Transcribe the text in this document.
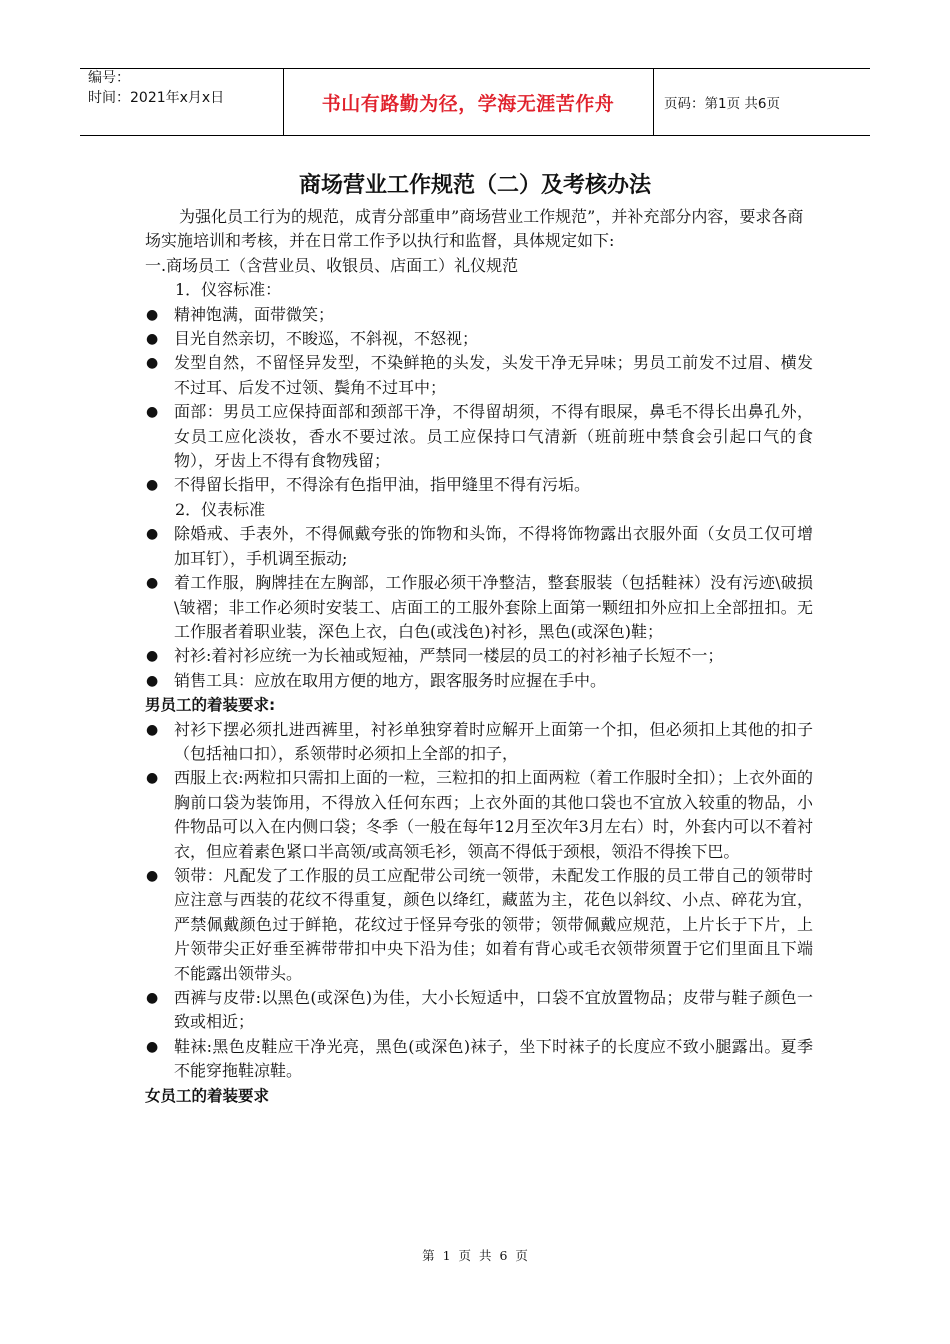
编号：
时间：2021年x月x日	书山有路勤为径，学海无涯苦作舟	页码：第1页 共6页
商场营业工作规范（二）及考核办法

为强化员工行为的规范，成青分部重申”商场营业工作规范”，并补充部分内容，要求各商场实施培训和考核，并在日常工作予以执行和监督，具体规定如下:

一.商场员工（含营业员、收银员、店面工）礼仪规范

1．仪容标准：

● 精神饱满，面带微笑；
● 目光自然亲切，不睃巡，不斜视，不怒视；
● 发型自然，不留怪异发型，不染鲜艳的头发，头发干净无异味；男员工前发不过眉、横发不过耳、后发不过领、鬓角不过耳中；
● 面部：男员工应保持面部和颈部干净，不得留胡须，不得有眼屎，鼻毛不得长出鼻孔外，女员工应化淡妆，香水不要过浓。员工应保持口气清新（班前班中禁食会引起口气的食物），牙齿上不得有食物残留；
● 不得留长指甲，不得涂有色指甲油，指甲缝里不得有污垢。

2．仪表标准

● 除婚戒、手表外，不得佩戴夸张的饰物和头饰，不得将饰物露出衣服外面（女员工仅可增加耳钉），手机调至振动;
● 着工作服，胸牌挂在左胸部，工作服必须干净整洁，整套服装（包括鞋袜）没有污迹\破损\皱褶；非工作必须时安装工、店面工的工服外套除上面第一颗纽扣外应扣上全部扭扣。无工作服者着职业装，深色上衣，白色(或浅色)衬衫，黑色(或深色)鞋；
● 衬衫:着衬衫应统一为长袖或短袖，严禁同一楼层的员工的衬衫袖子长短不一；
● 销售工具：应放在取用方便的地方，跟客服务时应握在手中。

男员工的着装要求:

● 衬衫下摆必须扎进西裤里，衬衫单独穿着时应解开上面第一个扣，但必须扣上其他的扣子（包括袖口扣），系领带时必须扣上全部的扣子，
● 西服上衣:两粒扣只需扣上面的一粒，三粒扣的扣上面两粒（着工作服时全扣）；上衣外面的胸前口袋为装饰用，不得放入任何东西；上衣外面的其他口袋也不宜放入较重的物品，小件物品可以入在内侧口袋；冬季（一般在每年12月至次年3月左右）时，外套内可以不着衬衣，但应着素色紧口半高领/或高领毛衫，领高不得低于颈根，领沿不得挨下巴。
● 领带：凡配发了工作服的员工应配带公司统一领带，未配发工作服的员工带自己的领带时应注意与西装的花纹不得重复，颜色以绛红，藏蓝为主，花色以斜纹、小点、碎花为宜，严禁佩戴颜色过于鲜艳，花纹过于怪异夸张的领带；领带佩戴应规范，上片长于下片，上片领带尖正好垂至裤带带扣中央下沿为佳；如着有背心或毛衣领带须置于它们里面且下端不能露出领带头。
● 西裤与皮带:以黑色(或深色)为佳，大小长短适中，口袋不宜放置物品；皮带与鞋子颜色一致或相近；
● 鞋袜:黑色皮鞋应干净光亮，黑色(或深色)袜子，坐下时袜子的长度应不致小腿露出。夏季不能穿拖鞋凉鞋。

女员工的着装要求

第 1 页 共 6 页
